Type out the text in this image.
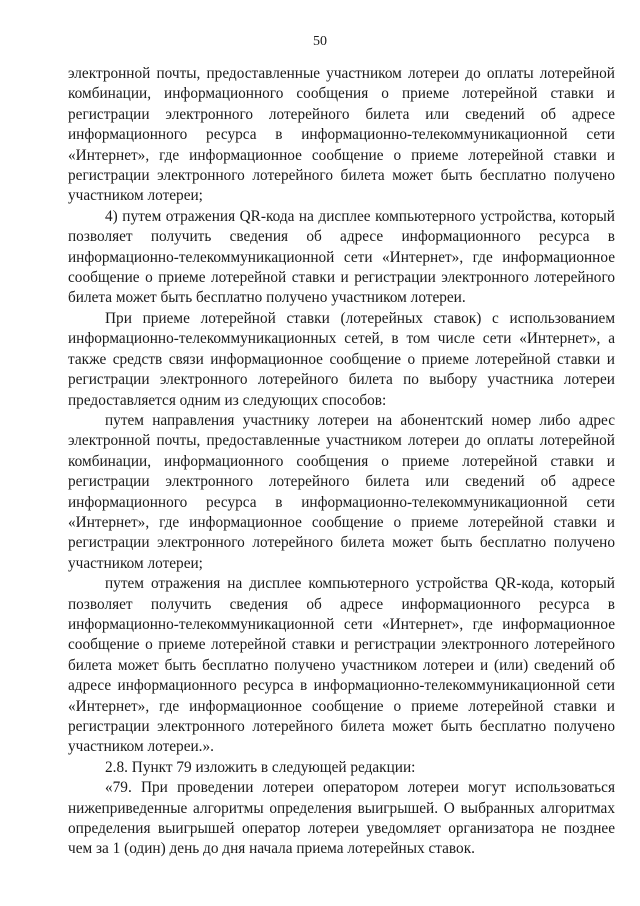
50

электронной почты, предоставленные участником лотереи до оплаты лотерейной комбинации, информационного сообщения о приеме лотерейной ставки и регистрации электронного лотерейного билета или сведений об адресе информационного ресурса в информационно-телекоммуникационной сети «Интернет», где информационное сообщение о приеме лотерейной ставки и регистрации электронного лотерейного билета может быть бесплатно получено участником лотереи;

4) путем отражения QR-кода на дисплее компьютерного устройства, который позволяет получить сведения об адресе информационного ресурса в информационно-телекоммуникационной сети «Интернет», где информационное сообщение о приеме лотерейной ставки и регистрации электронного лотерейного билета может быть бесплатно получено участником лотереи.

При приеме лотерейной ставки (лотерейных ставок) с использованием информационно-телекоммуникационных сетей, в том числе сети «Интернет», а также средств связи информационное сообщение о приеме лотерейной ставки и регистрации электронного лотерейного билета по выбору участника лотереи предоставляется одним из следующих способов:

путем направления участнику лотереи на абонентский номер либо адрес электронной почты, предоставленные участником лотереи до оплаты лотерейной комбинации, информационного сообщения о приеме лотерейной ставки и регистрации электронного лотерейного билета или сведений об адресе информационного ресурса в информационно-телекоммуникационной сети «Интернет», где информационное сообщение о приеме лотерейной ставки и регистрации электронного лотерейного билета может быть бесплатно получено участником лотереи;

путем отражения на дисплее компьютерного устройства QR-кода, который позволяет получить сведения об адресе информационного ресурса в информационно-телекоммуникационной сети «Интернет», где информационное сообщение о приеме лотерейной ставки и регистрации электронного лотерейного билета может быть бесплатно получено участником лотереи и (или) сведений об адресе информационного ресурса в информационно-телекоммуникационной сети «Интернет», где информационное сообщение о приеме лотерейной ставки и регистрации электронного лотерейного билета может быть бесплатно получено участником лотереи.».

2.8. Пункт 79 изложить в следующей редакции:

«79. При проведении лотереи оператором лотереи могут использоваться нижеприведенные алгоритмы определения выигрышей. О выбранных алгоритмах определения выигрышей оператор лотереи уведомляет организатора не позднее чем за 1 (один) день до дня начала приема лотерейных ставок.
